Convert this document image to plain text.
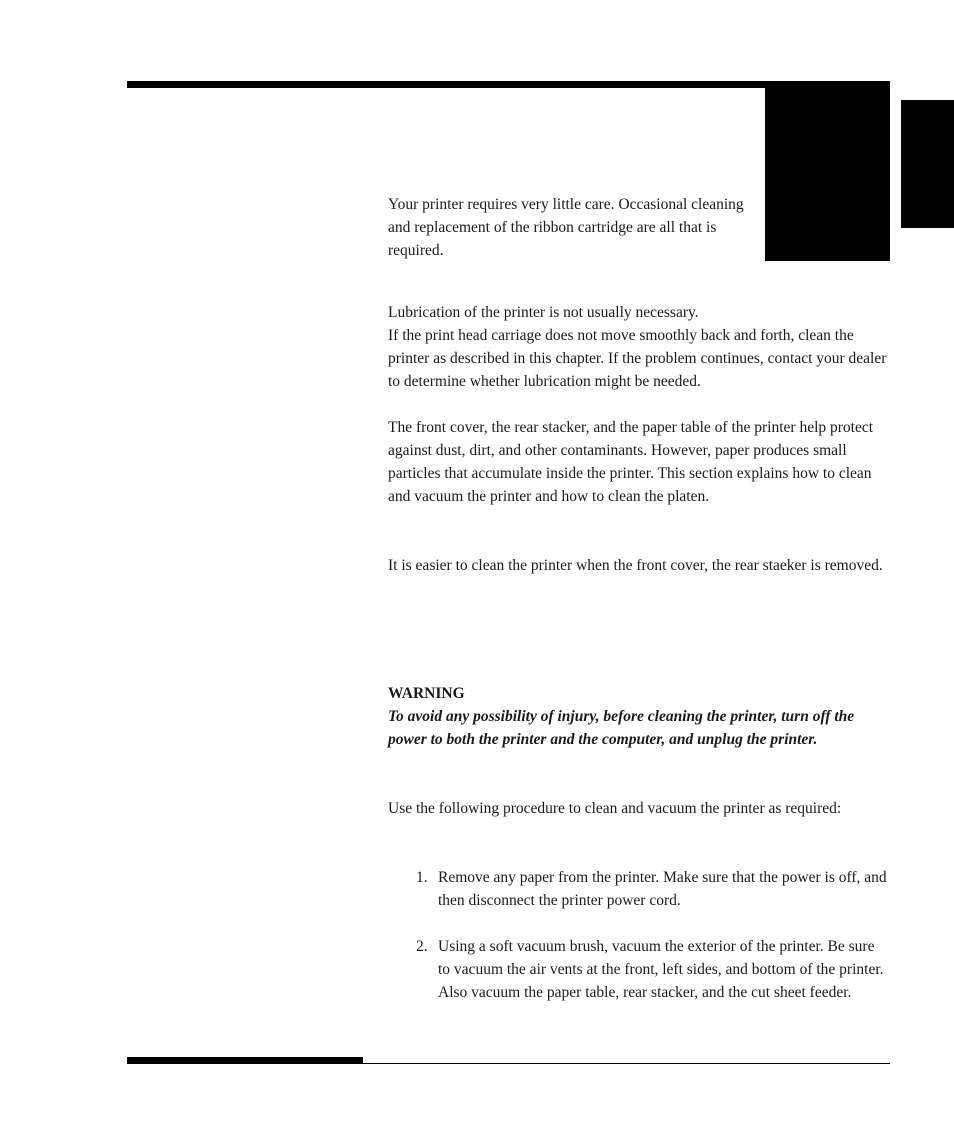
Your printer requires very little care. Occasional cleaning and replacement of the ribbon cartridge are all that is required.

Lubrication of the printer is not usually necessary.
If the print head carriage does not move smoothly back and forth, clean the printer as described in this chapter. If the problem continues, contact your dealer to determine whether lubrication might be needed.

The front cover, the rear stacker, and the paper table of the printer help protect against dust, dirt, and other contaminants. However, paper produces small particles that accumulate inside the printer. This section explains how to clean and vacuum the printer and how to clean the platen.

It is easier to clean the printer when the front cover, the rear staeker is removed.

WARNING

To avoid any possibility of injury, before cleaning the printer, turn off the power to both the printer and the computer, and unplug the printer.

Use the following procedure to clean and vacuum the printer as required:

1. Remove any paper from the printer. Make sure that the power is off, and then disconnect the printer power cord.
2. Using a soft vacuum brush, vacuum the exterior of the printer. Be sure to vacuum the air vents at the front, left sides, and bottom of the printer. Also vacuum the paper table, rear stacker, and the cut sheet feeder.
